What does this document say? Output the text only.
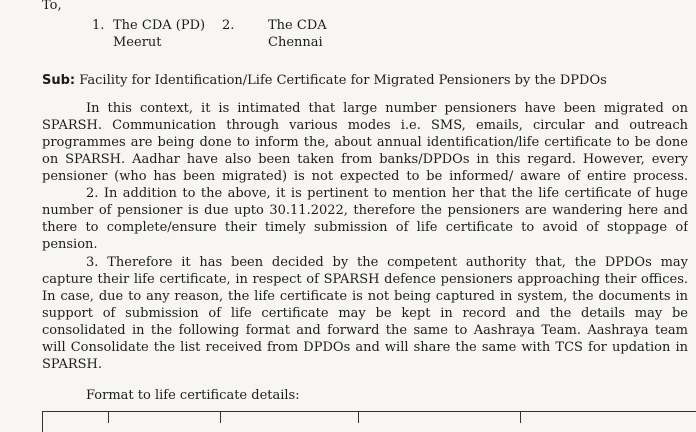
To,
1. The CDA (PD)
Meerut
2.	The CDA
Chennai
Sub: Facility for Identification/Life Certificate for Migrated Pensioners by the DPDOs
In this context, it is intimated that large number pensioners have been migrated on
SPARSH. Communication through various modes i.e. SMS, emails, circular and outreach
programmes are being done to inform the, about annual identification/life certificate to be done
on SPARSH. Aadhar have also been taken from banks/DPDOs in this regard. However, every
pensioner (who has been migrated) is not expected to be informed/ aware of entire process.
2. In addition to the above, it is pertinent to mention her that the life certificate of huge
number of pensioner is due upto 30.11.2022, therefore the pensioners are wandering here and
there to complete/ensure their timely submission of life certificate to avoid of stoppage of
pension.
3. Therefore it has been decided by the competent authority that, the DPDOs may
capture their life certificate, in respect of SPARSH defence pensioners approaching their offices.
In case, due to any reason, the life certificate is not being captured in system, the documents in
support of submission of life certificate may be kept in record and the details may be
consolidated in the following format and forward the same to Aashraya Team. Aashraya team
will Consolidate the list received from DPDOs and will share the same with TCS for updation in
SPARSH.
Format to life certificate details:
